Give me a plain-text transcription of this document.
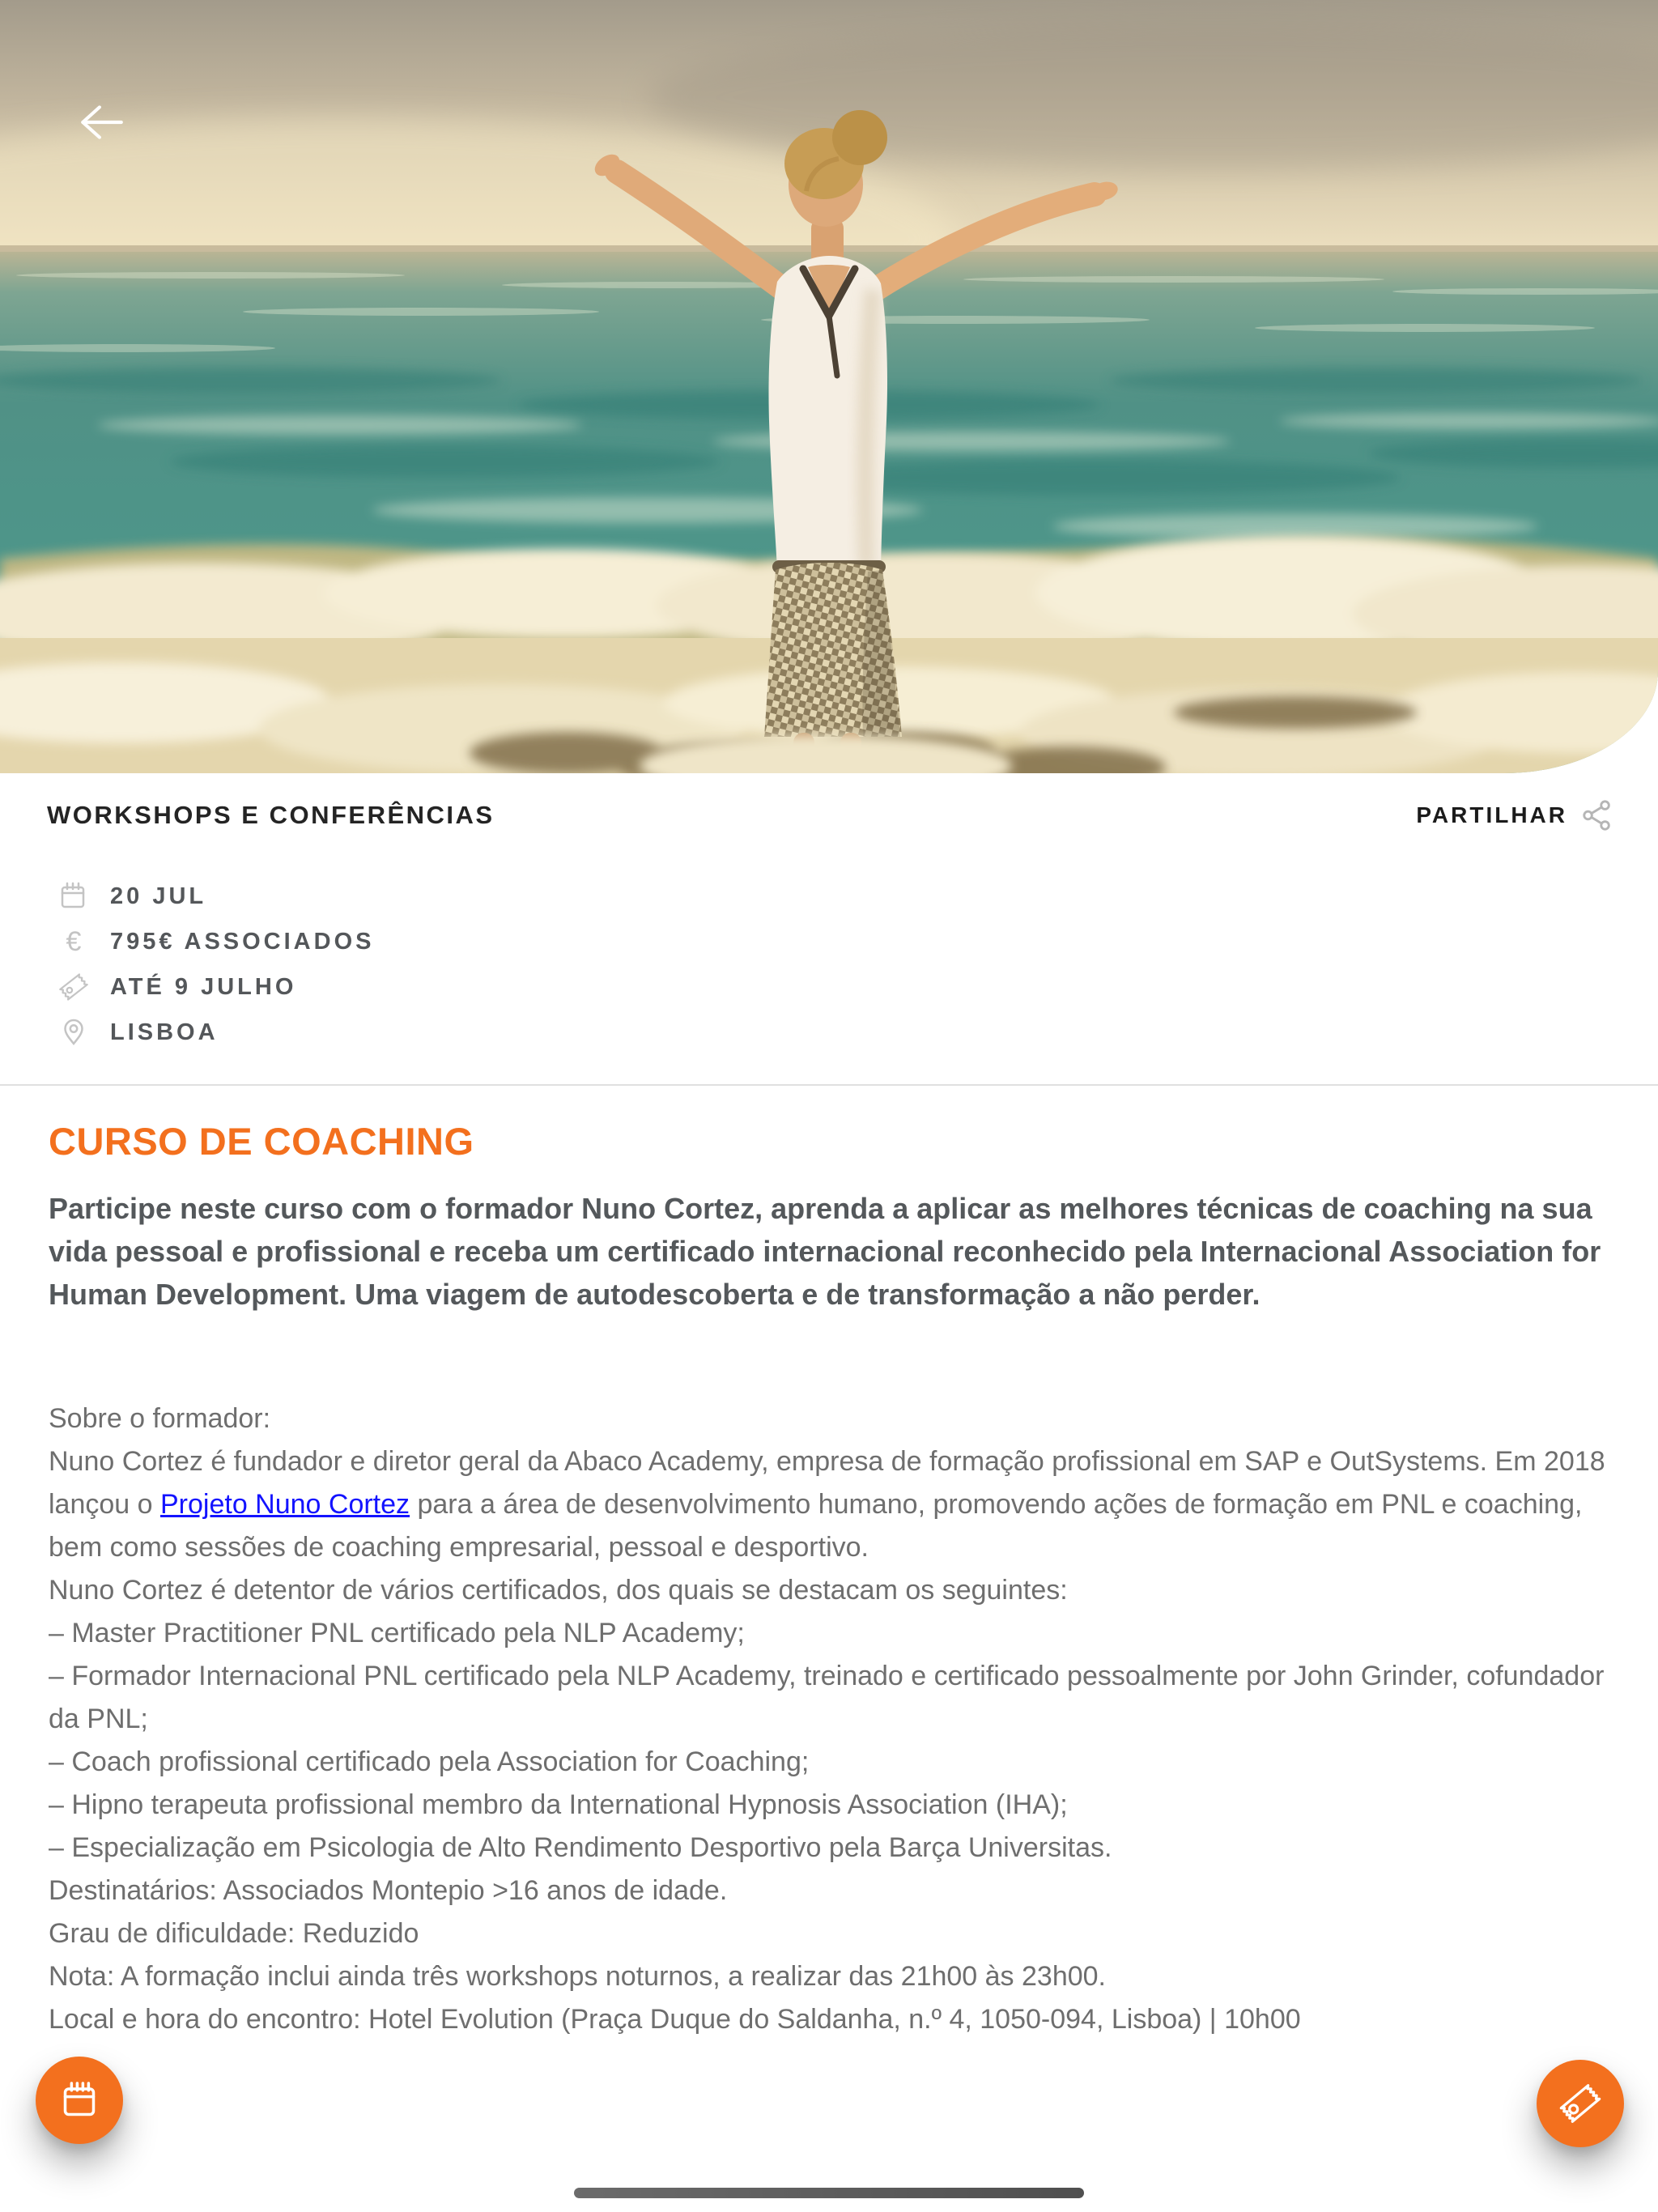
WORKSHOPS E CONFERÊNCIAS	PARTILHAR
20 JUL
€	795€ ASSOCIADOS
ATÉ 9 JULHO
LISBOA
CURSO DE COACHING
Participe neste curso com o formador Nuno Cortez, aprenda a aplicar as melhores técnicas de coaching na sua vida pessoal e profissional e receba um certificado internacional reconhecido pela Internacional Association for Human Development. Uma viagem de autodescoberta e de transformação a não perder.

Sobre o formador:

Nuno Cortez é fundador e diretor geral da Abaco Academy, empresa de formação profissional em SAP e OutSystems. Em 2018 lançou o Projeto Nuno Cortez para a área de desenvolvimento humano, promovendo ações de formação em PNL e coaching, bem como sessões de coaching empresarial, pessoal e desportivo.

Nuno Cortez é detentor de vários certificados, dos quais se destacam os seguintes:

– Master Practitioner PNL certificado pela NLP Academy;

– Formador Internacional PNL certificado pela NLP Academy, treinado e certificado pessoalmente por John Grinder, cofundador da PNL;

– Coach profissional certificado pela Association for Coaching;

– Hipno terapeuta profissional membro da International Hypnosis Association (IHA);

– Especialização em Psicologia de Alto Rendimento Desportivo pela Barça Universitas.

Destinatários: Associados Montepio >16 anos de idade.

Grau de dificuldade: Reduzido

Nota: A formação inclui ainda três workshops noturnos, a realizar das 21h00 às 23h00.

Local e hora do encontro: Hotel Evolution (Praça Duque do Saldanha, n.º 4, 1050-094, Lisboa) | 10h00
